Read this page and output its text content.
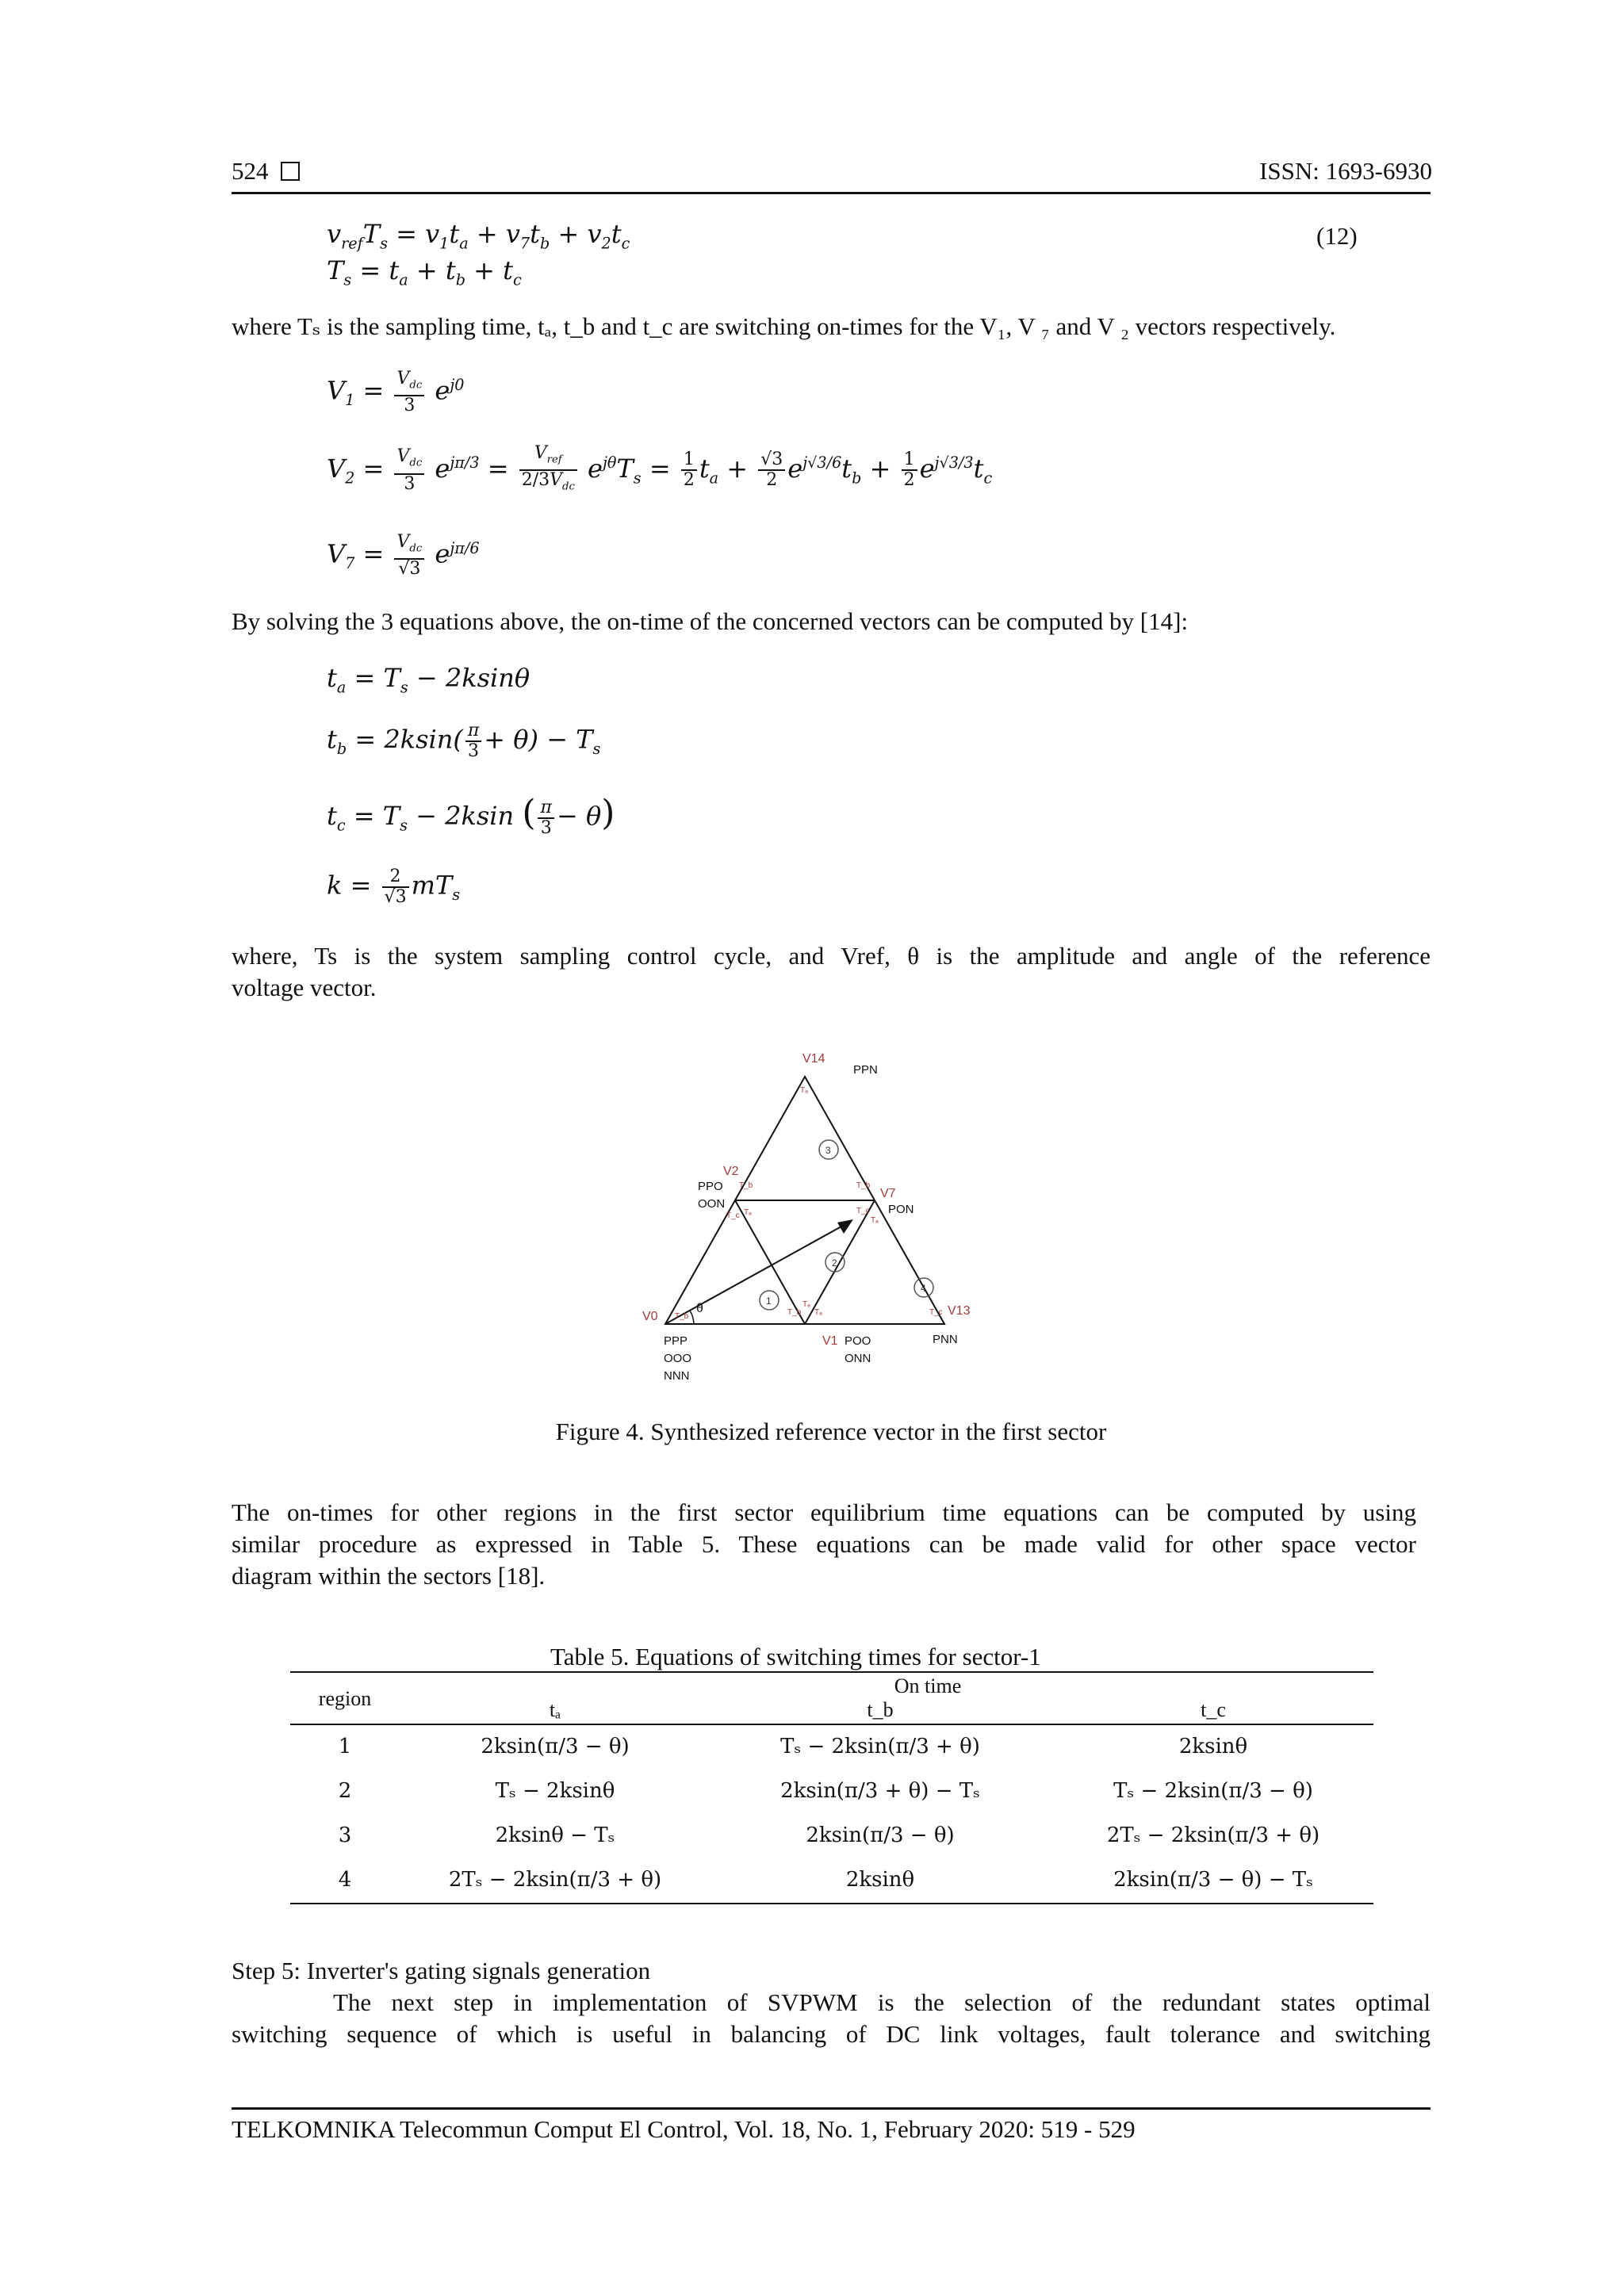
524	ISSN: 1693-6930
$v_{ref}T_s = v_1t_a + v_7t_b + v_2t_c$
$T_s = t_a + t_b + t_c$
(12)
where Tₛ is the sampling time, tₐ, t_b and t_c are switching on-times for the V₁, V ₇ and V ₂ vectors respectively.
$V_1 = \frac{V_{dc}}{3} e^{j0}$
$V_2 = \frac{V_{dc}}{3} e^{j\pi/3} = \frac{V_{ref}}{2/3V_{dc}} e^{j\theta}T_s = \frac{1}{2} t_a + \frac{√3}{2} e^{j√3/6}t_b + \frac{1}{2} e^{j√3/3}t_c$
$V_7 = \frac{V_{dc}}{√3} e^{j\pi/6}$
By solving the 3 equations above, the on-time of the concerned vectors can be computed by [14]:
$t_a = T_s - 2ksin\theta$
$t_b = 2ksin( \frac{\pi}{3} + \theta) - T_s$
$t_c = T_s - 2ksin$ ( $\frac{\pi}{3} - \theta$)
$k = \frac{2}{√3} mT_s$
where, Ts is the system sampling control cycle, and Vref, θ is the amplitude and angle of the reference
voltage vector.
θ
V14
PPN
V2
PPO
OON
V7
PON
V0
PPP
OOO
NNN
V1 POO
ONN
V13
PNN
3
2
1
4
Tₐ
T_b
Tₐ
T_c
T_b
T_c
Tₐ
T_b	T_b
Tₐ
Tₐ	T_c
Figure 4. Synthesized reference vector in the first sector
The on-times for other regions in the first sector equilibrium time equations can be computed by using
similar procedure as expressed in Table 5. These equations can be made valid for other space vector
diagram within the sectors [18].
Table 5. Equations of switching times for sector-1
On time
region	tₐ	t_b	t_c
1	2ksin(π/3 − θ)	Tₛ − 2ksin(π/3 + θ)	2ksinθ
2	Tₛ − 2ksinθ	2ksin(π/3 + θ) − Tₛ	Tₛ − 2ksin(π/3 − θ)
3	2ksinθ − Tₛ	2ksin(π/3 − θ)	2Tₛ − 2ksin(π/3 + θ)
4	2Tₛ − 2ksin(π/3 + θ)	2ksinθ	2ksin(π/3 − θ) − Tₛ
Step 5: Inverter's gating signals generation
The next step in implementation of SVPWM is the selection of the redundant states optimal
switching sequence of which is useful in balancing of DC link voltages, fault tolerance and switching
TELKOMNIKA Telecommun Comput El Control, Vol. 18, No. 1, February 2020: 519 - 529
